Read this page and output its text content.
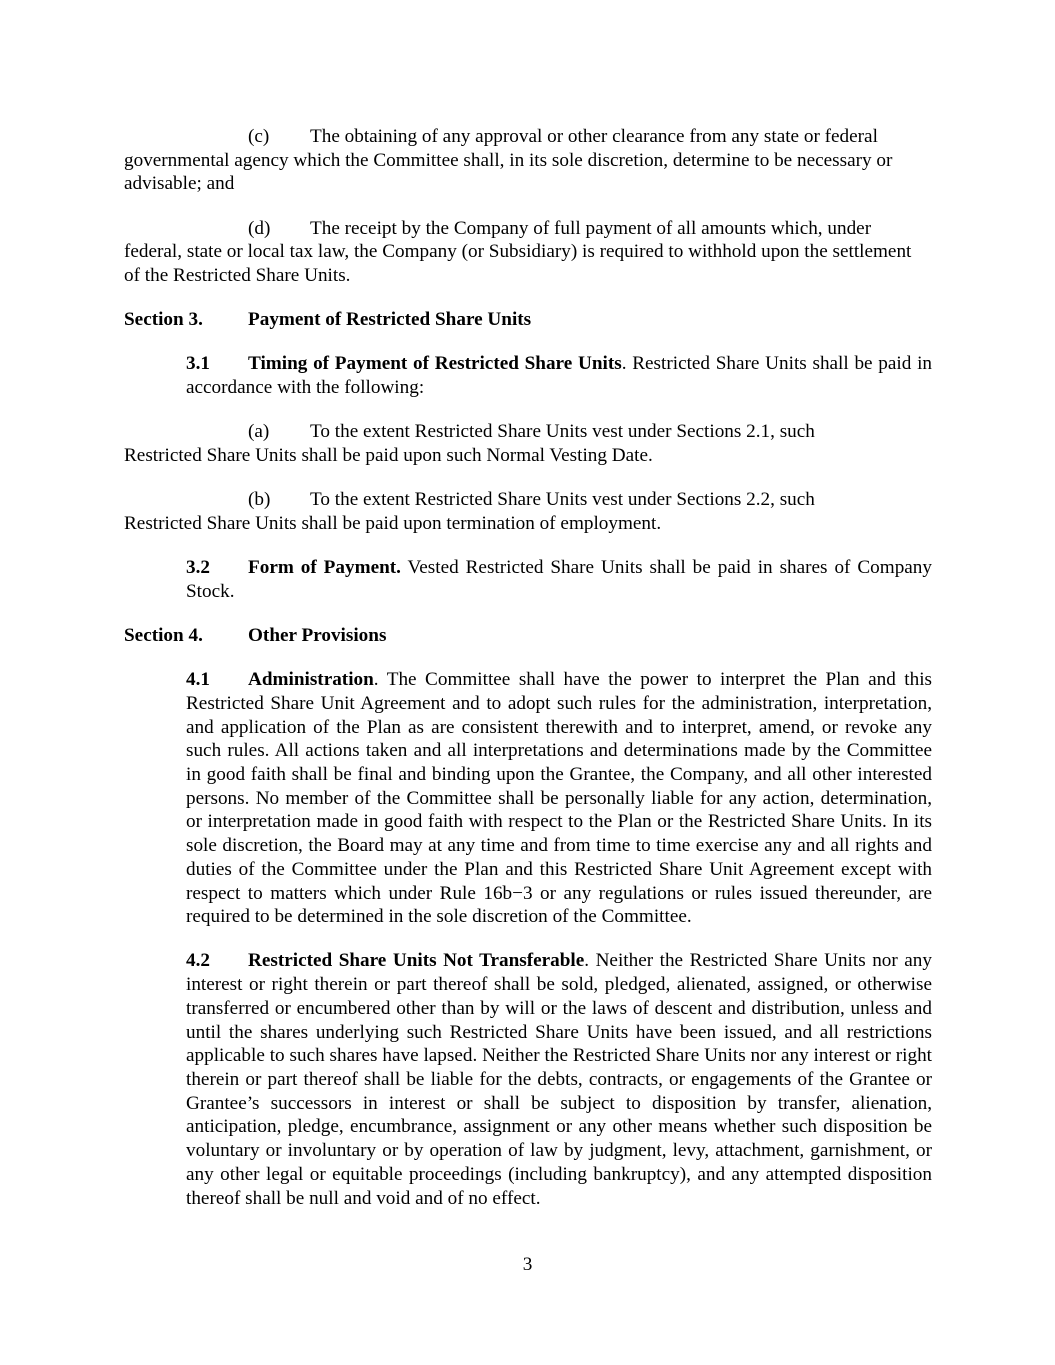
(c) The obtaining of any approval or other clearance from any state or federal

governmental agency which the Committee shall, in its sole discretion, determine to be necessary or advisable; and

(d) The receipt by the Company of full payment of all amounts which, under

federal, state or local tax law, the Company (or Subsidiary) is required to withhold upon the settlement of the Restricted Share Units.

Section 3. Payment of Restricted Share Units

3.1 Timing of Payment of Restricted Share Units. Restricted Share Units shall be paid in accordance with the following:

(a) To the extent Restricted Share Units vest under Sections 2.1, such

Restricted Share Units shall be paid upon such Normal Vesting Date.

(b) To the extent Restricted Share Units vest under Sections 2.2, such

Restricted Share Units shall be paid upon termination of employment.

3.2 Form of Payment. Vested Restricted Share Units shall be paid in shares of Company Stock.

Section 4. Other Provisions

4.1 Administration. The Committee shall have the power to interpret the Plan and this Restricted Share Unit Agreement and to adopt such rules for the administration, interpretation, and application of the Plan as are consistent therewith and to interpret, amend, or revoke any such rules. All actions taken and all interpretations and determinations made by the Committee in good faith shall be final and binding upon the Grantee, the Company, and all other interested persons. No member of the Committee shall be personally liable for any action, determination, or interpretation made in good faith with respect to the Plan or the Restricted Share Units. In its sole discretion, the Board may at any time and from time to time exercise any and all rights and duties of the Committee under the Plan and this Restricted Share Unit Agreement except with respect to matters which under Rule 16b−3 or any regulations or rules issued thereunder, are required to be determined in the sole discretion of the Committee.

4.2 Restricted Share Units Not Transferable. Neither the Restricted Share Units nor any interest or right therein or part thereof shall be sold, pledged, alienated, assigned, or otherwise transferred or encumbered other than by will or the laws of descent and distribution, unless and until the shares underlying such Restricted Share Units have been issued, and all restrictions applicable to such shares have lapsed. Neither the Restricted Share Units nor any interest or right therein or part thereof shall be liable for the debts, contracts, or engagements of the Grantee or Grantee’s successors in interest or shall be subject to disposition by transfer, alienation, anticipation, pledge, encumbrance, assignment or any other means whether such disposition be voluntary or involuntary or by operation of law by judgment, levy, attachment, garnishment, or any other legal or equitable proceedings (including bankruptcy), and any attempted disposition thereof shall be null and void and of no effect.

3
